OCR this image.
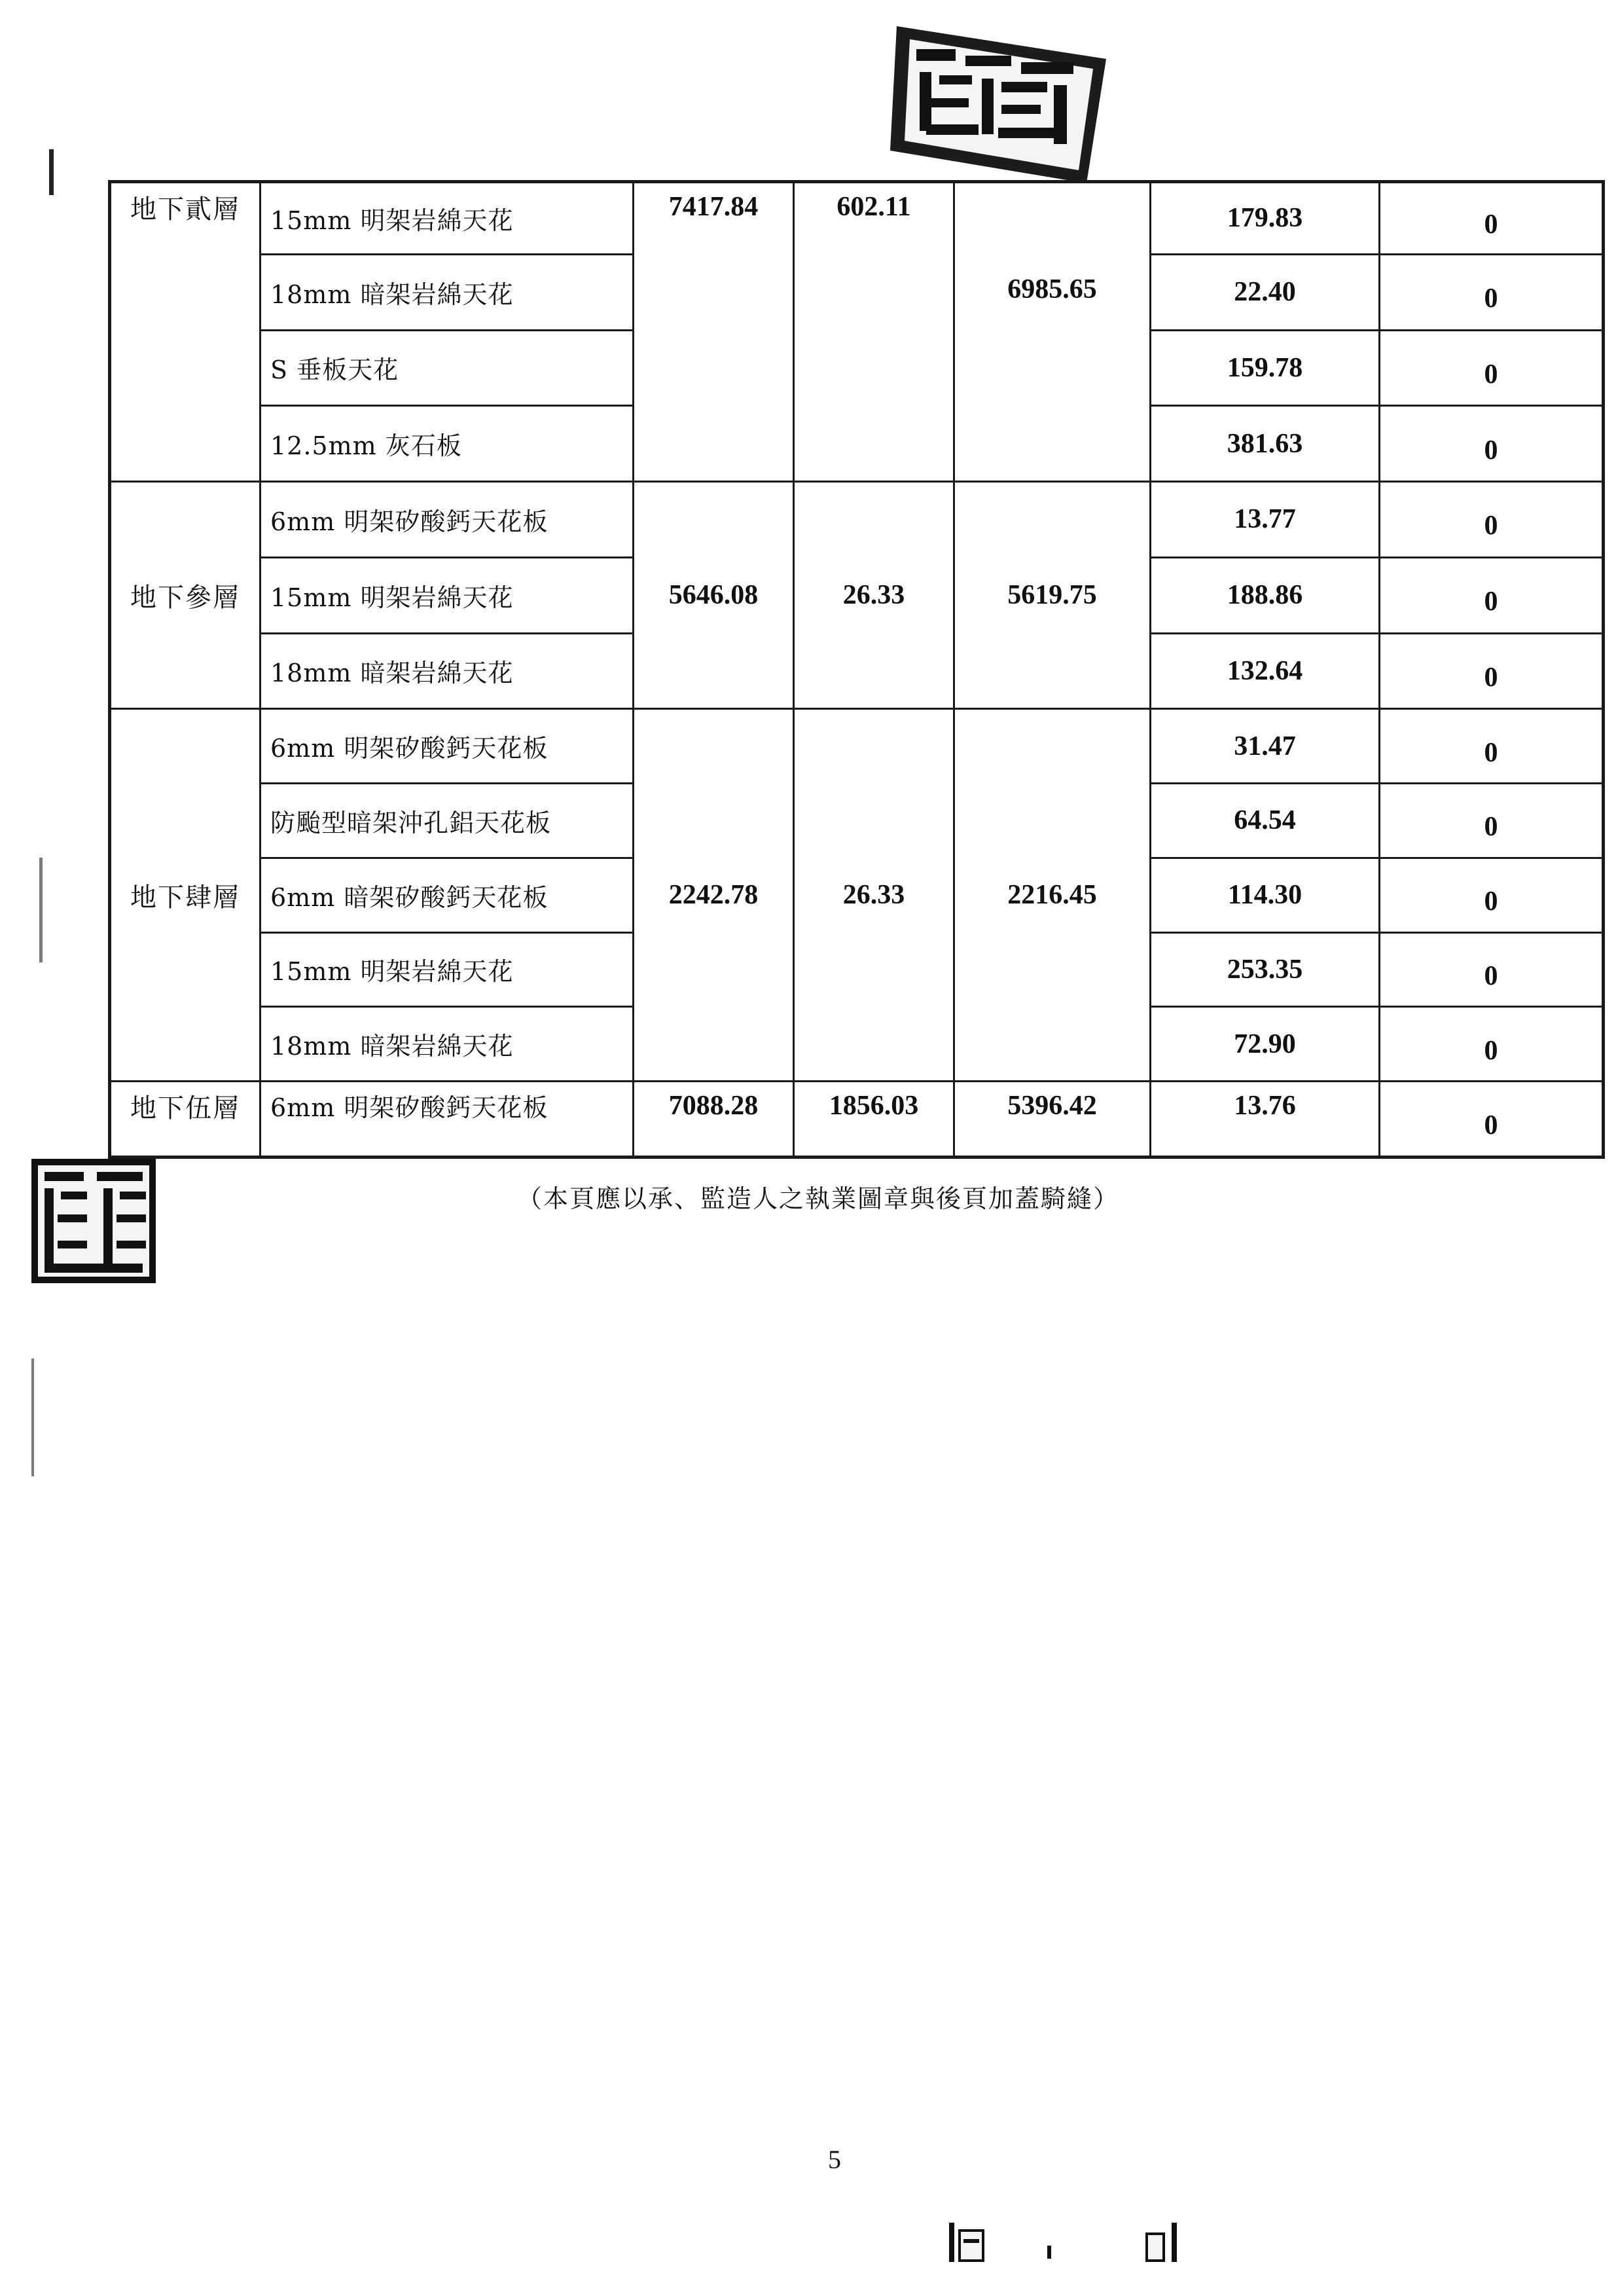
地下貳層	15mm 明架岩綿天花	7417.84	602.11	6985.65	179.83	0
	18mm 暗架岩綿天花				22.40	0
	S 垂板天花				159.78	0
	12.5mm 灰石板				381.63	0
地下參層	6mm 明架矽酸鈣天花板	5646.08	26.33	5619.75	13.77	0
	15mm 明架岩綿天花				188.86	0
	18mm 暗架岩綿天花				132.64	0
地下肆層	6mm 明架矽酸鈣天花板	2242.78	26.33	2216.45	31.47	0
	防颱型暗架沖孔鋁天花板				64.54	0
	6mm 暗架矽酸鈣天花板				114.30	0
	15mm 明架岩綿天花				253.35	0
	18mm 暗架岩綿天花				72.90	0
地下伍層	6mm 明架矽酸鈣天花板	7088.28	1856.03	5396.42	13.76	0
（本頁應以承、監造人之執業圖章與後頁加蓋騎縫）
5
